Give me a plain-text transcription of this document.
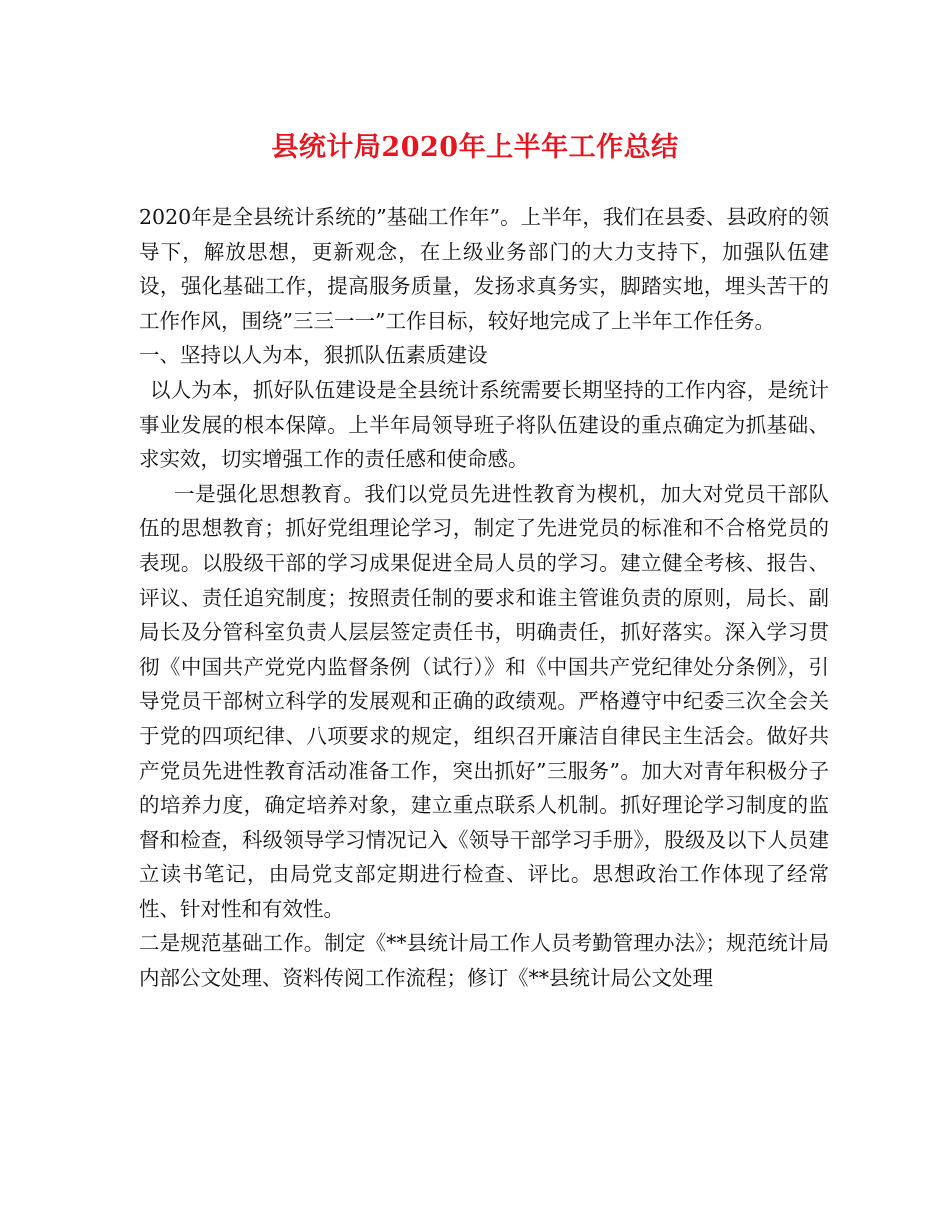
县统计局2020年上半年工作总结

2020年是全县统计系统的”基础工作年”。上半年，我们在县委、县政府的领导下，解放思想，更新观念，在上级业务部门的大力支持下，加强队伍建设，强化基础工作，提高服务质量，发扬求真务实，脚踏实地，埋头苦干的工作作风，围绕”三三一一”工作目标，较好地完成了上半年工作任务。

一、坚持以人为本，狠抓队伍素质建设

以人为本，抓好队伍建设是全县统计系统需要长期坚持的工作内容，是统计事业发展的根本保障。上半年局领导班子将队伍建设的重点确定为抓基础、求实效，切实增强工作的责任感和使命感。

一是强化思想教育。我们以党员先进性教育为楔机，加大对党员干部队伍的思想教育；抓好党组理论学习，制定了先进党员的标准和不合格党员的表现。以股级干部的学习成果促进全局人员的学习。建立健全考核、报告、评议、责任追究制度；按照责任制的要求和谁主管谁负责的原则，局长、副局长及分管科室负责人层层签定责任书，明确责任，抓好落实。深入学习贯彻《中国共产党党内监督条例（试行）》和《中国共产党纪律处分条例》，引导党员干部树立科学的发展观和正确的政绩观。严格遵守中纪委三次全会关于党的四项纪律、八项要求的规定，组织召开廉洁自律民主生活会。做好共产党员先进性教育活动准备工作，突出抓好”三服务”。加大对青年积极分子的培养力度，确定培养对象，建立重点联系人机制。抓好理论学习制度的监督和检查，科级领导学习情况记入《领导干部学习手册》，股级及以下人员建立读书笔记，由局党支部定期进行检查、评比。思想政治工作体现了经常性、针对性和有效性。

二是规范基础工作。制定《**县统计局工作人员考勤管理办法》；规范统计局内部公文处理、资料传阅工作流程；修订《**县统计局公文处理
